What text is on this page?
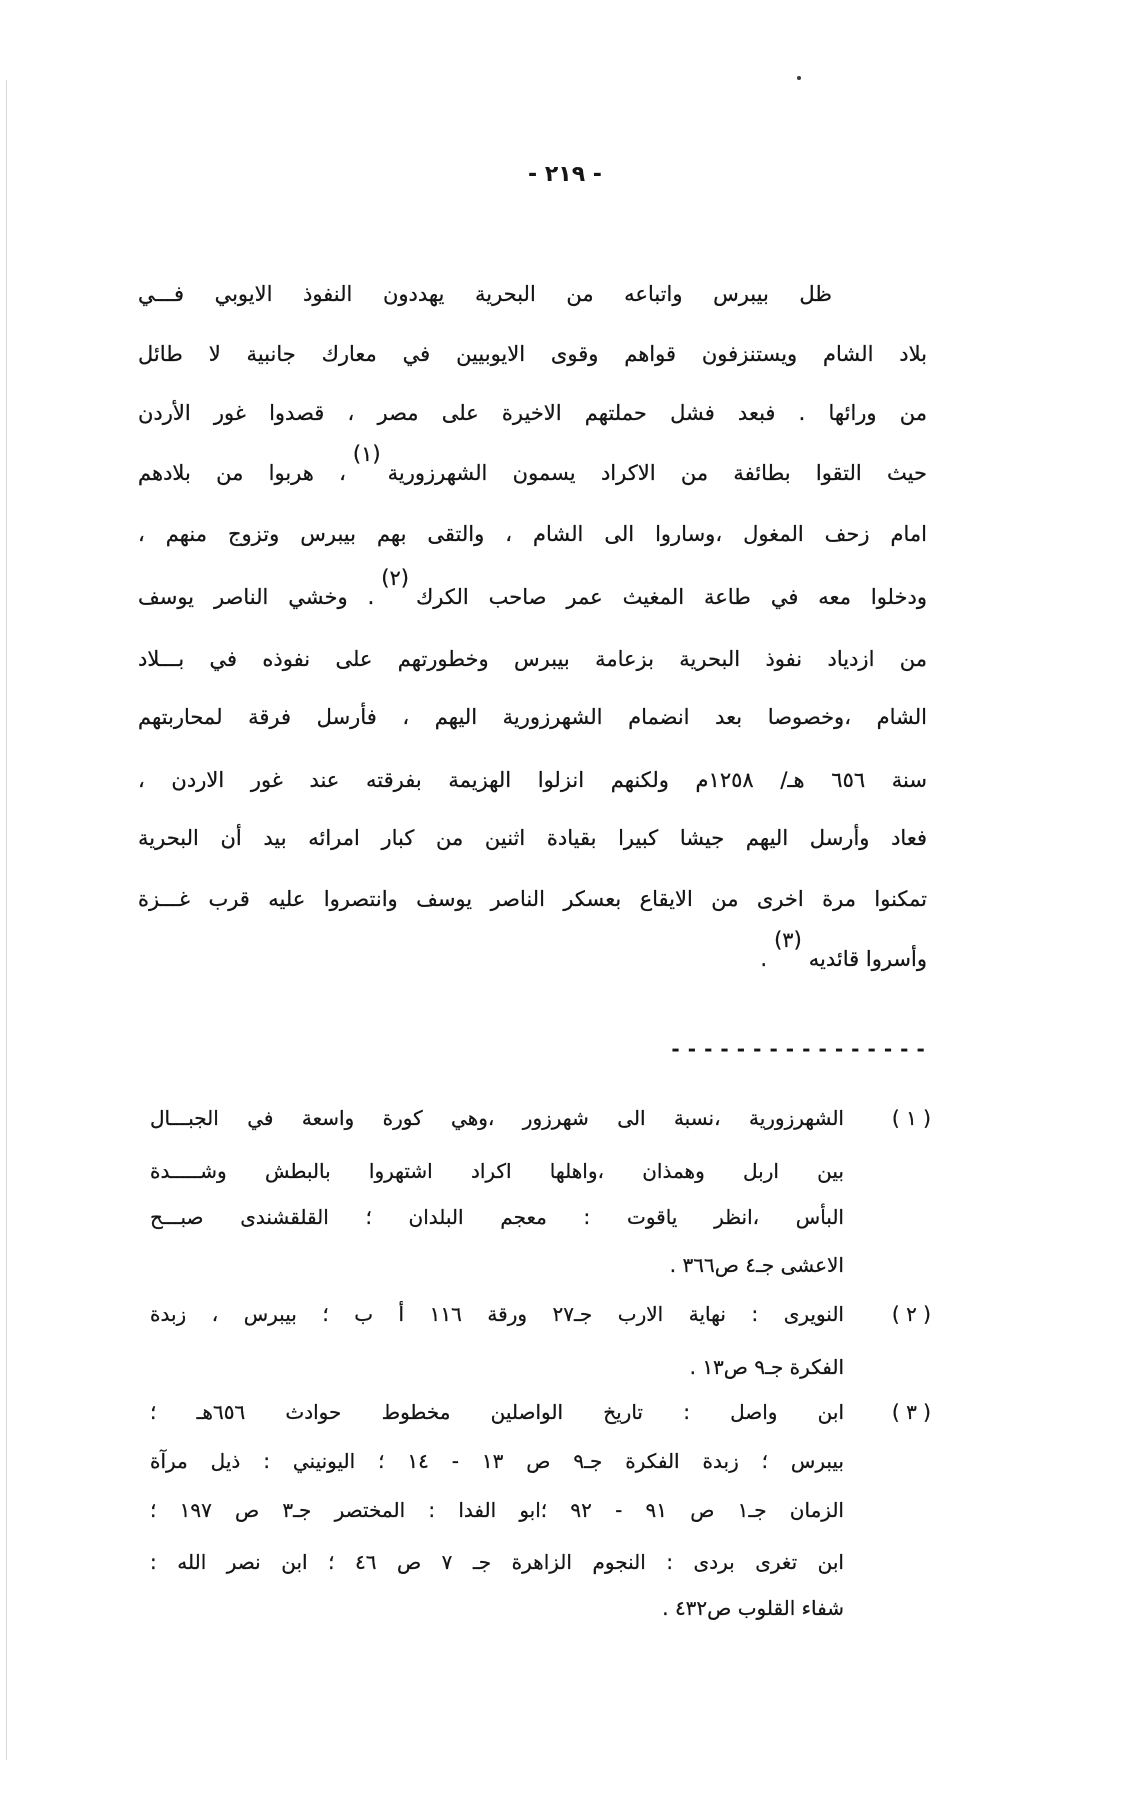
- ٢١٩ -
ظل بيبرس واتباعه من البحرية يهددون النفوذ الايوبي فـــي
بلاد الشام ويستنزفون قواهم وقوى الايوبيين في معارك جانبية لا طائل
من ورائها . فبعد فشل حملتهم الاخيرة على مصر ، قصدوا غور الأردن
حيث التقوا بطائفة من الاكراد يسمون الشهرزورية(١)، هربوا من بلادهم
امام زحف المغول ،وساروا الى الشام ، والتقى بهم بيبرس وتزوج منهم ،
ودخلوا معه في طاعة المغيث عمر صاحب الكرك(٢). وخشي الناصر يوسف
من ازدياد نفوذ البحرية بزعامة بيبرس وخطورتهم على نفوذه في بـــلاد
الشام ،وخصوصا بعد انضمام الشهرزورية اليهم ، فأرسل فرقة لمحاربتهم
سنة ٦٥٦ هـ/ ١٢٥٨م ولكنهم انزلوا الهزيمة بفرقته عند غور الاردن ،
فعاد وأرسل اليهم جيشا كبيرا بقيادة اثنين من كبار امرائه بيد أن البحرية
تمكنوا مرة اخرى من الايقاع بعسكر الناصر يوسف وانتصروا عليه قرب غـــزة
وأسروا قائديه(٣).
----------------
( ١ )
الشهرزورية ،نسبة الى شهرزور ،وهي كورة واسعة في الجبـــال
بين اربل وهمذان ،واهلها اكراد اشتهروا بالبطش وشـــــدة
البأس ،انظر ياقوت : معجم البلدان ؛ القلقشندى صبـــح
الاعشى جـ٤ ص٣٦٦ .
( ٢ )
النويرى : نهاية الارب جـ٢٧ ورقة ١١٦ أ ب ؛ بيبرس ، زبدة
الفكرة جـ٩ ص١٣ .
( ٣ )
ابن واصل : تاريخ الواصلين مخطوط حوادث ٦٥٦هـ ؛
بيبرس ؛ زبدة الفكرة جـ٩ ص ١٣ - ١٤ ؛ اليونيني : ذيل مرآة
الزمان جـ١ ص ٩١ - ٩٢ ؛ابو الفدا : المختصر جـ٣ ص ١٩٧ ؛
ابن تغرى بردى : النجوم الزاهرة جـ ٧ ص ٤٦ ؛ ابن نصر الله :
شفاء القلوب ص٤٣٢ .
